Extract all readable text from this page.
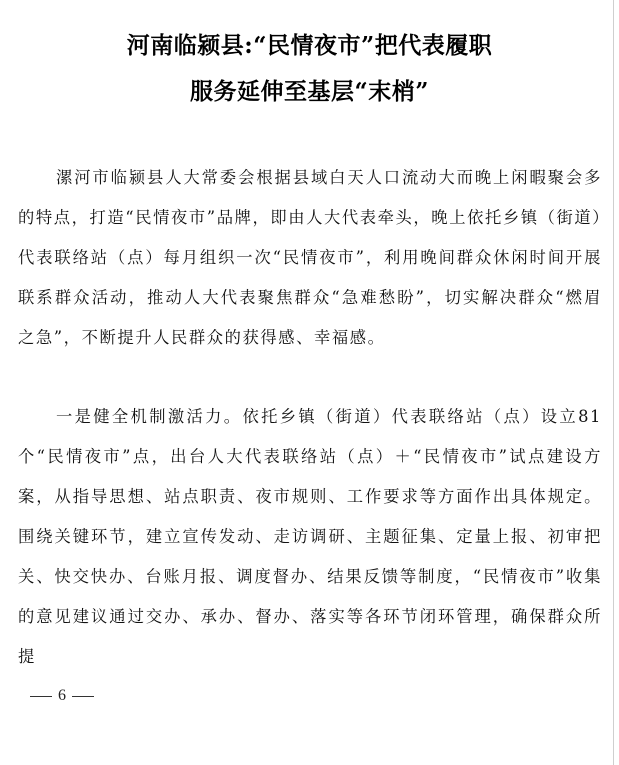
河南临颍县:“民情夜市”把代表履职
服务延伸至基层“末梢”

漯河市临颍县人大常委会根据县域白天人口流动大而晚上闲暇聚会多的特点，打造“民情夜市”品牌，即由人大代表牵头，晚上依托乡镇（街道）代表联络站（点）每月组织一次“民情夜市”，利用晚间群众休闲时间开展联系群众活动，推动人大代表聚焦群众“急难愁盼”，切实解决群众“燃眉之急”，不断提升人民群众的获得感、幸福感。

一是健全机制激活力。依托乡镇（街道）代表联络站（点）设立81个“民情夜市”点，出台人大代表联络站（点）＋“民情夜市”试点建设方案，从指导思想、站点职责、夜市规则、工作要求等方面作出具体规定。围绕关键环节，建立宣传发动、走访调研、主题征集、定量上报、初审把关、快交快办、台账月报、调度督办、结果反馈等制度，“民情夜市”收集的意见建议通过交办、承办、督办、落实等各环节闭环管理，确保群众所提

6
